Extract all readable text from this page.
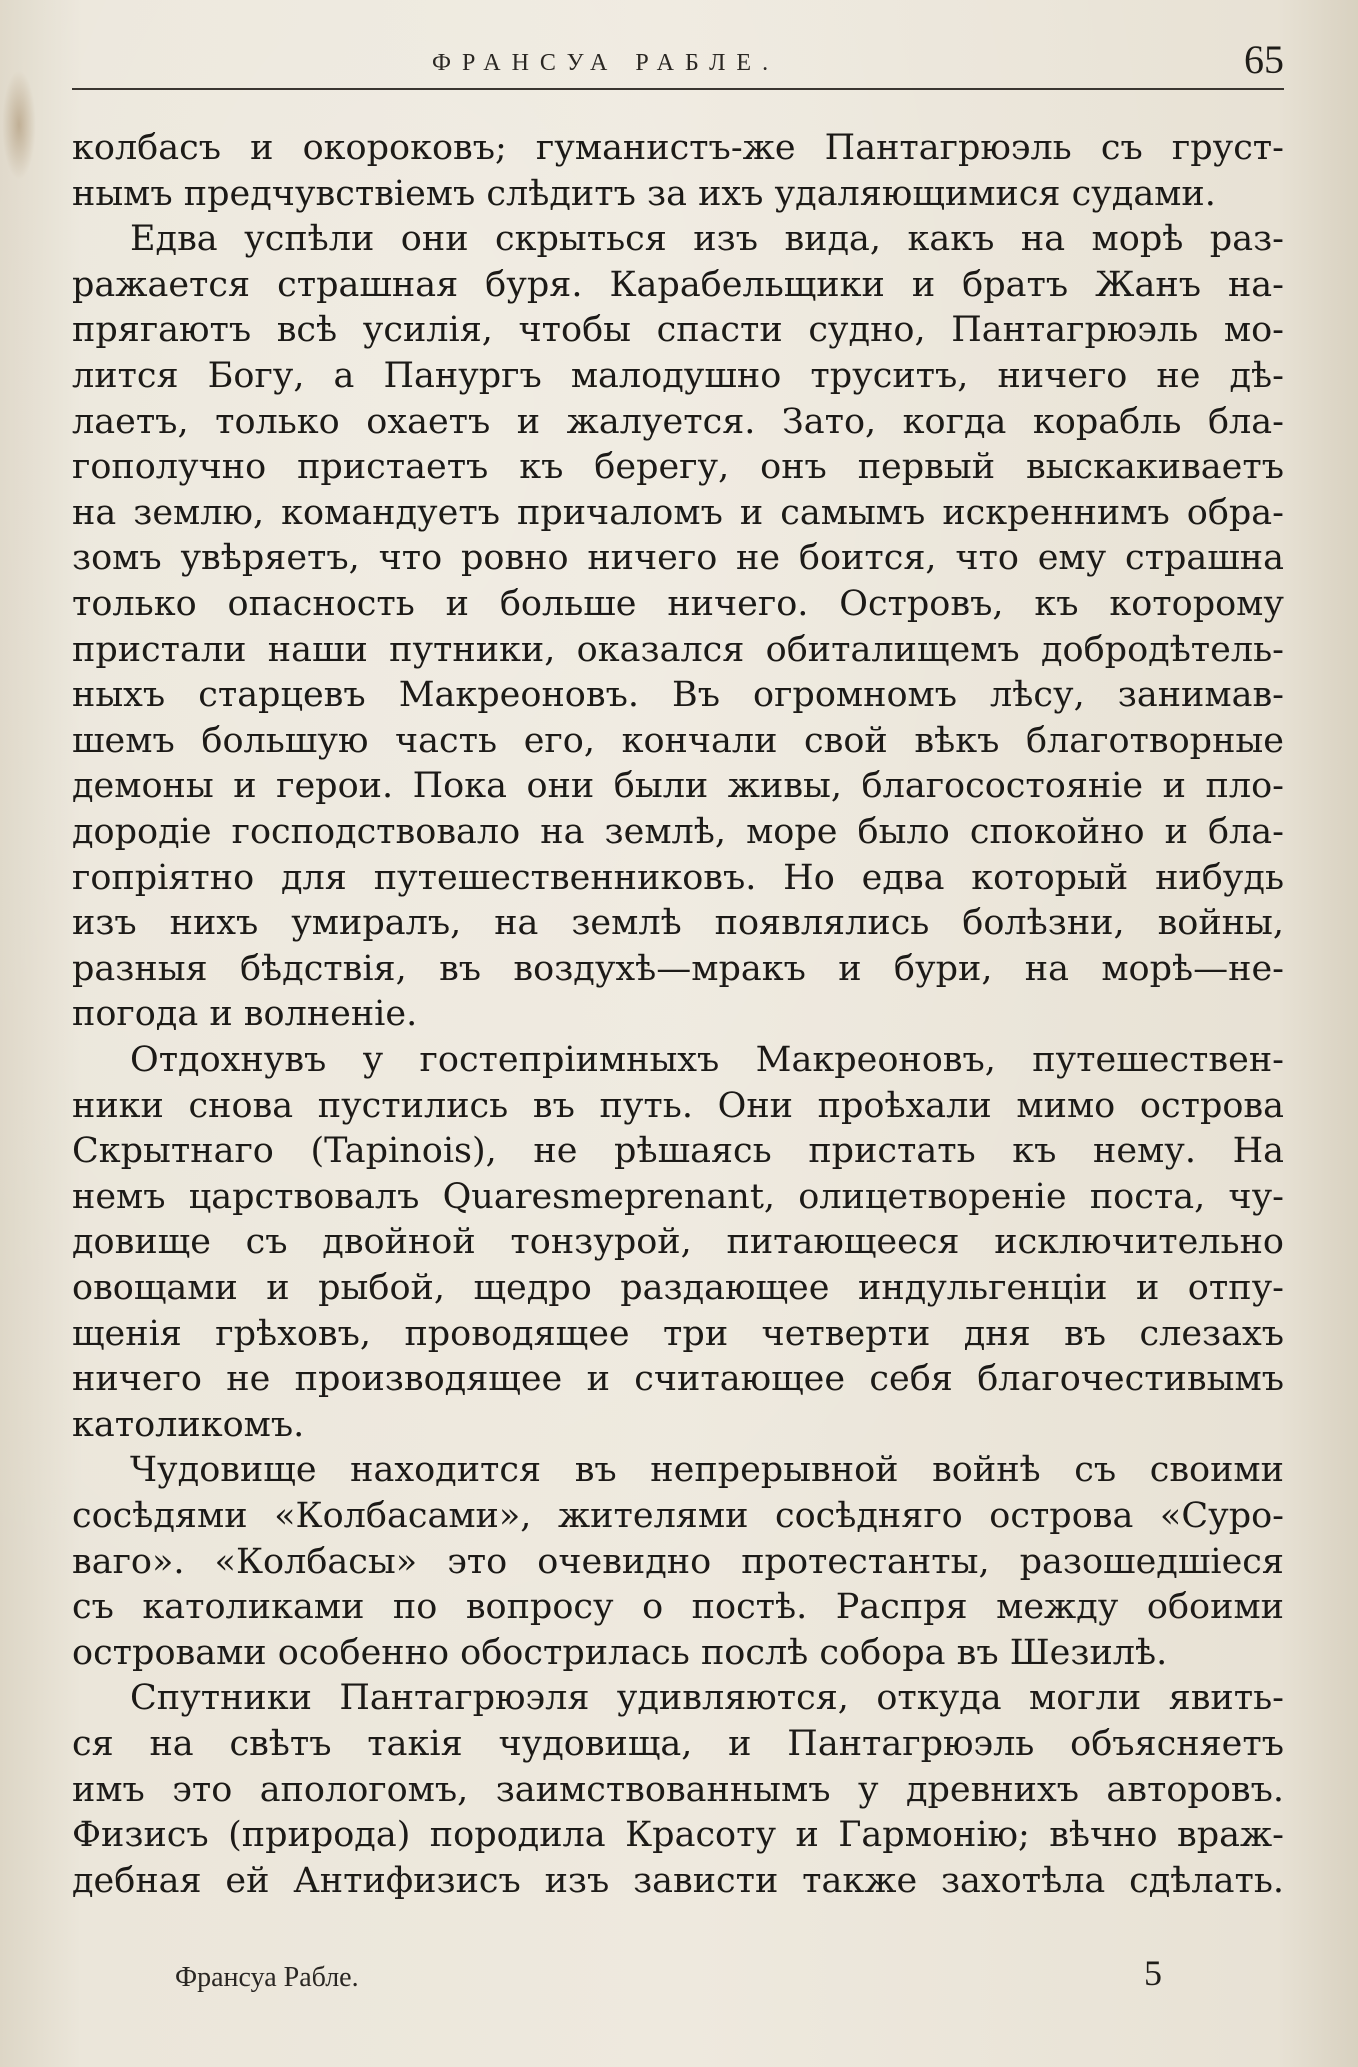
ФРАНСУА РАБЛЕ.	65
колбасъ и окороковъ; гуманистъ-же Пантагрюэль съ груст-
нымъ предчувствіемъ слѣдитъ за ихъ удаляющимися судами.
Едва успѣли они скрыться изъ вида, какъ на морѣ раз-
ражается страшная буря. Карабельщики и братъ Жанъ на-
прягаютъ всѣ усилія, чтобы спасти судно, Пантагрюэль мо-
лится Богу, а Панургъ малодушно труситъ, ничего не дѣ-
лаетъ, только охаетъ и жалуется. Зато, когда корабль бла-
гополучно пристаетъ къ берегу, онъ первый выскакиваетъ
на землю, командуетъ причаломъ и самымъ искреннимъ обра-
зомъ увѣряетъ, что ровно ничего не боится, что ему страшна
только опасность и больше ничего. Островъ, къ которому
пристали наши путники, оказался обиталищемъ добродѣтель-
ныхъ старцевъ Макреоновъ. Въ огромномъ лѣсу, занимав-
шемъ большую часть его, кончали свой вѣкъ благотворные
демоны и герои. Пока они были живы, благосостояніе и пло-
дородіе господствовало на землѣ, море было спокойно и бла-
гопріятно для путешественниковъ. Но едва который нибудь
изъ нихъ умиралъ, на землѣ появлялись болѣзни, войны,
разныя бѣдствія, въ воздухѣ—мракъ и бури, на морѣ—не-
погода и волненіе.
Отдохнувъ у гостепріимныхъ Макреоновъ, путешествен-
ники снова пустились въ путь. Они проѣхали мимо острова
Скрытнаго (Tapinois), не рѣшаясь пристать къ нему. На
немъ царствовалъ Quaresmeprenant, олицетвореніе поста, чу-
довище съ двойной тонзурой, питающееся исключительно
овощами и рыбой, щедро раздающее индульгенціи и отпу-
щенія грѣховъ, проводящее три четверти дня въ слезахъ
ничего не производящее и считающее себя благочестивымъ
католикомъ.
Чудовище находится въ непрерывной войнѣ съ своими
сосѣдями «Колбасами», жителями сосѣдняго острова «Суро-
ваго». «Колбасы» это очевидно протестанты, разошедшіеся
съ католиками по вопросу о постѣ. Распря между обоими
островами особенно обострилась послѣ собора въ Шезилѣ.
Спутники Пантагрюэля удивляются, откуда могли явить-
ся на свѣтъ такія чудовища, и Пантагрюэль объясняетъ
имъ это апологомъ, заимствованнымъ у древнихъ авторовъ.
Физисъ (природа) породила Красоту и Гармонію; вѣчно враж-
дебная ей Антифизисъ изъ зависти также захотѣла сдѣлать.
Франсуа Рабле.	5
